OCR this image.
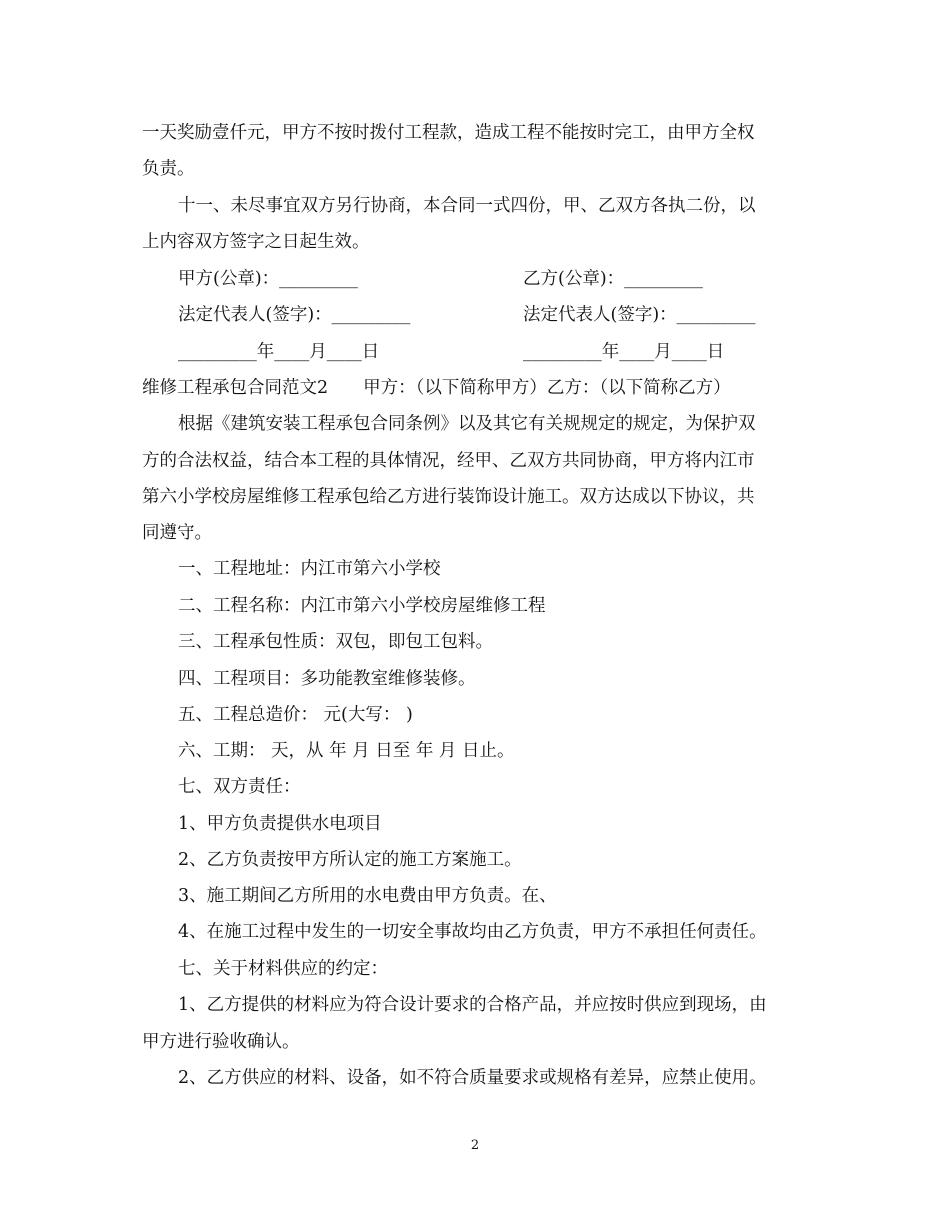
一天奖励壹仟元，甲方不按时拨付工程款，造成工程不能按时完工，由甲方全权
负责。
十一、未尽事宜双方另行协商，本合同一式四份，甲、乙双方各执二份，以
上内容双方签字之日起生效。
甲方(公章)：_________	乙方(公章)：_________
法定代表人(签字)：_________	法定代表人(签字)：_________
_________年____月____日	_________年____月____日
维修工程承包合同范文2　　甲方：（以下简称甲方）乙方：（以下简称乙方）
根据《建筑安装工程承包合同条例》以及其它有关规规定的规定，为保护双
方的合法权益，结合本工程的具体情况，经甲、乙双方共同协商，甲方将内江市
第六小学校房屋维修工程承包给乙方进行装饰设计施工。双方达成以下协议，共
同遵守。
一、工程地址：内江市第六小学校
二、工程名称：内江市第六小学校房屋维修工程
三、工程承包性质：双包，即包工包料。
四、工程项目：多功能教室维修装修。
五、工程总造价： 元(大写： )
六、工期： 天，从 年 月 日至 年 月 日止。
七、双方责任：
1、甲方负责提供水电项目
2、乙方负责按甲方所认定的施工方案施工。
3、施工期间乙方所用的水电费由甲方负责。在、
4、在施工过程中发生的一切安全事故均由乙方负责，甲方不承担任何责任。
七、关于材料供应的约定：
1、乙方提供的材料应为符合设计要求的合格产品，并应按时供应到现场，由
甲方进行验收确认。
2、乙方供应的材料、设备，如不符合质量要求或规格有差异，应禁止使用。
2
